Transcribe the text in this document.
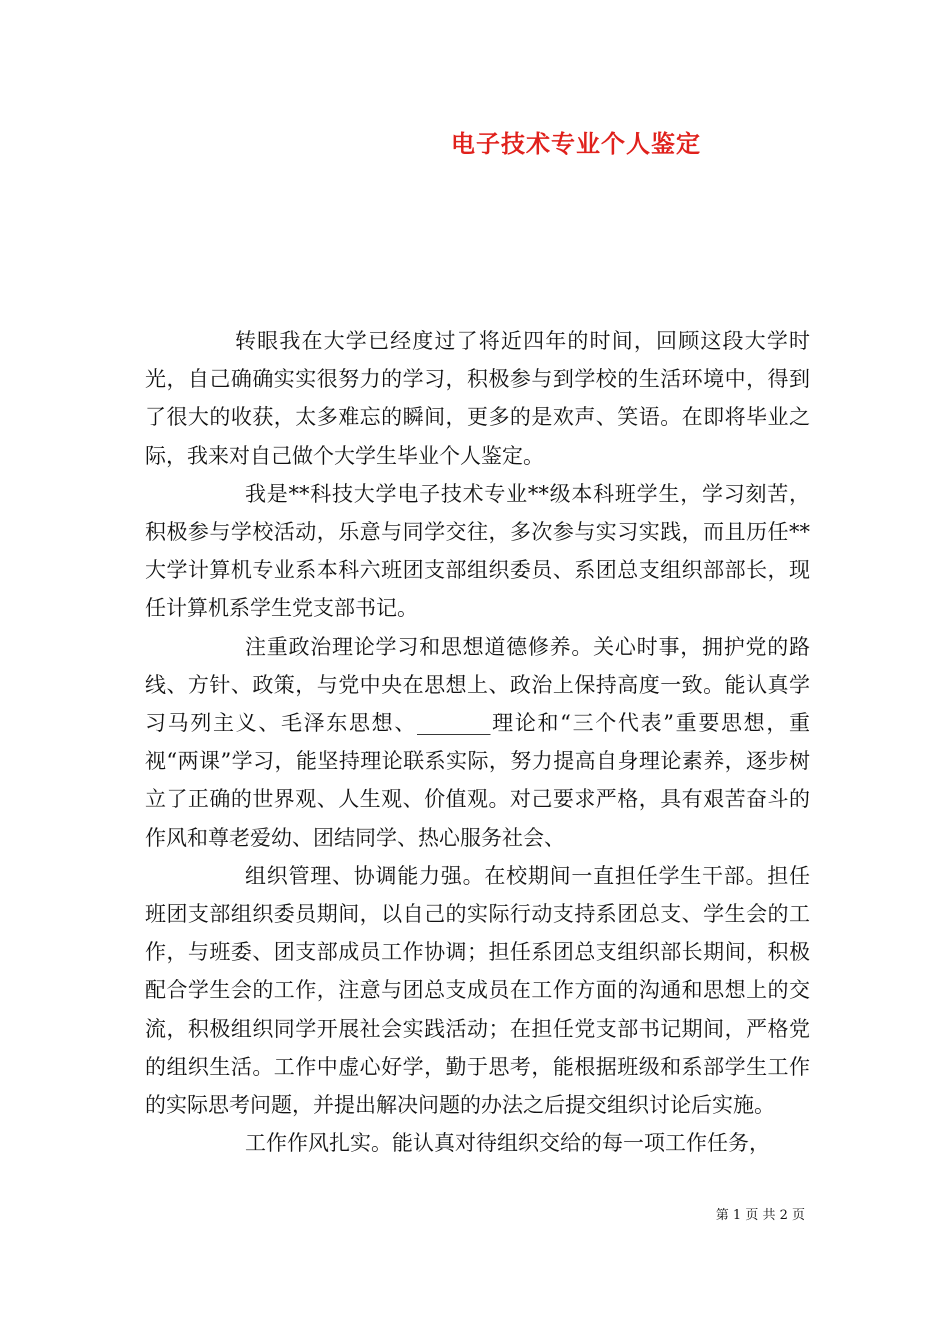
电子技术专业个人鉴定

转眼我在大学已经度过了将近四年的时间，回顾这段大学时光，自己确确实实很努力的学习，积极参与到学校的生活环境中，得到了很大的收获，太多难忘的瞬间，更多的是欢声、笑语。在即将毕业之际，我来对自己做个大学生毕业个人鉴定。

我是**科技大学电子技术专业**级本科班学生，学习刻苦，积极参与学校活动，乐意与同学交往，多次参与实习实践，而且历任**大学计算机专业系本科六班团支部组织委员、系团总支组织部部长，现任计算机系学生党支部书记。

注重政治理论学习和思想道德修养。关心时事，拥护党的路线、方针、政策，与党中央在思想上、政治上保持高度一致。能认真学习马列主义、毛泽东思想、_______理论和“三个代表”重要思想，重视“两课”学习，能坚持理论联系实际，努力提高自身理论素养，逐步树立了正确的世界观、人生观、价值观。对己要求严格，具有艰苦奋斗的作风和尊老爱幼、团结同学、热心服务社会、

组织管理、协调能力强。在校期间一直担任学生干部。担任班团支部组织委员期间，以自己的实际行动支持系团总支、学生会的工作，与班委、团支部成员工作协调；担任系团总支组织部长期间，积极配合学生会的工作，注意与团总支成员在工作方面的沟通和思想上的交流，积极组织同学开展社会实践活动；在担任党支部书记期间，严格党的组织生活。工作中虚心好学，勤于思考，能根据班级和系部学生工作的实际思考问题，并提出解决问题的办法之后提交组织讨论后实施。

工作作风扎实。能认真对待组织交给的每一项工作任务，

第 1 页 共 2 页
